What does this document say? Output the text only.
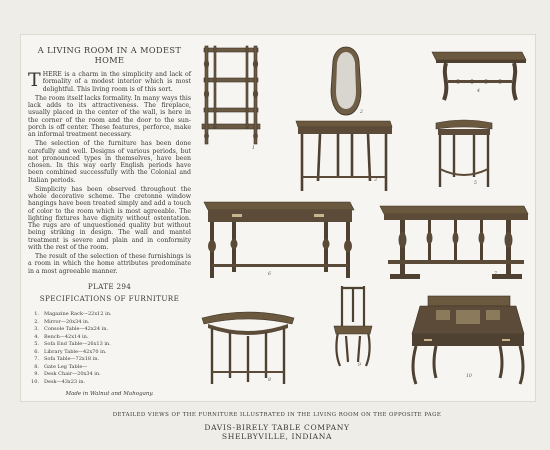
A LIVING ROOM IN A MODEST HOME

THERE is a charm in the simplicity and lack of formality of a modest interior which is most delightful. This living room is of this sort.

The room itself lacks formality. In many ways this lack adds to its attractiveness. The fireplace, usually placed in the center of the wall, is here in the corner of the room and the door to the sun-porch is off center. These features, perforce, make an informal treatment necessary.

The selection of the furniture has been done carefully and well. Designs of various periods, but not pronounced types in themselves, have been chosen. In this way early English periods have been combined successfully with the Colonial and Italian periods.

Simplicity has been observed throughout the whole decorative scheme. The cretonne window hangings have been treated simply and add a touch of color to the room which is most agreeable. The lighting fixtures have dignity without ostentation. The rugs are of unquestioned quality but without being striking in design. The wall and mantel treatment is severe and plain and in conformity with the rest of the room.

The result of the selection of these furnishings is a room in which the home attributes predominate in a most agreeable manner.

PLATE 294
SPECIFICATIONS OF FURNITURE
1. Magazine Rack—22x12 in.
2. Mirror—20x34 in.
3. Console Table—42x24 in.
4. Bench—42x14 in.
5. Sofa End Table—26x13 in.
6. Library Table—42x70 in.
7. Sofa Table—72x18 in.
8. Gate Leg Table—
9. Desk Chair—20x34 in.
10. Desk—43x23 in.
Made in Walnut and Mahogany.
1
2
4
3
5
6	7
8
9
10
DETAILED VIEWS OF THE FURNITURE ILLUSTRATED IN THE LIVING ROOM ON THE OPPOSITE PAGE
DAVIS-BIRELY TABLE COMPANY
SHELBYVILLE, INDIANA
